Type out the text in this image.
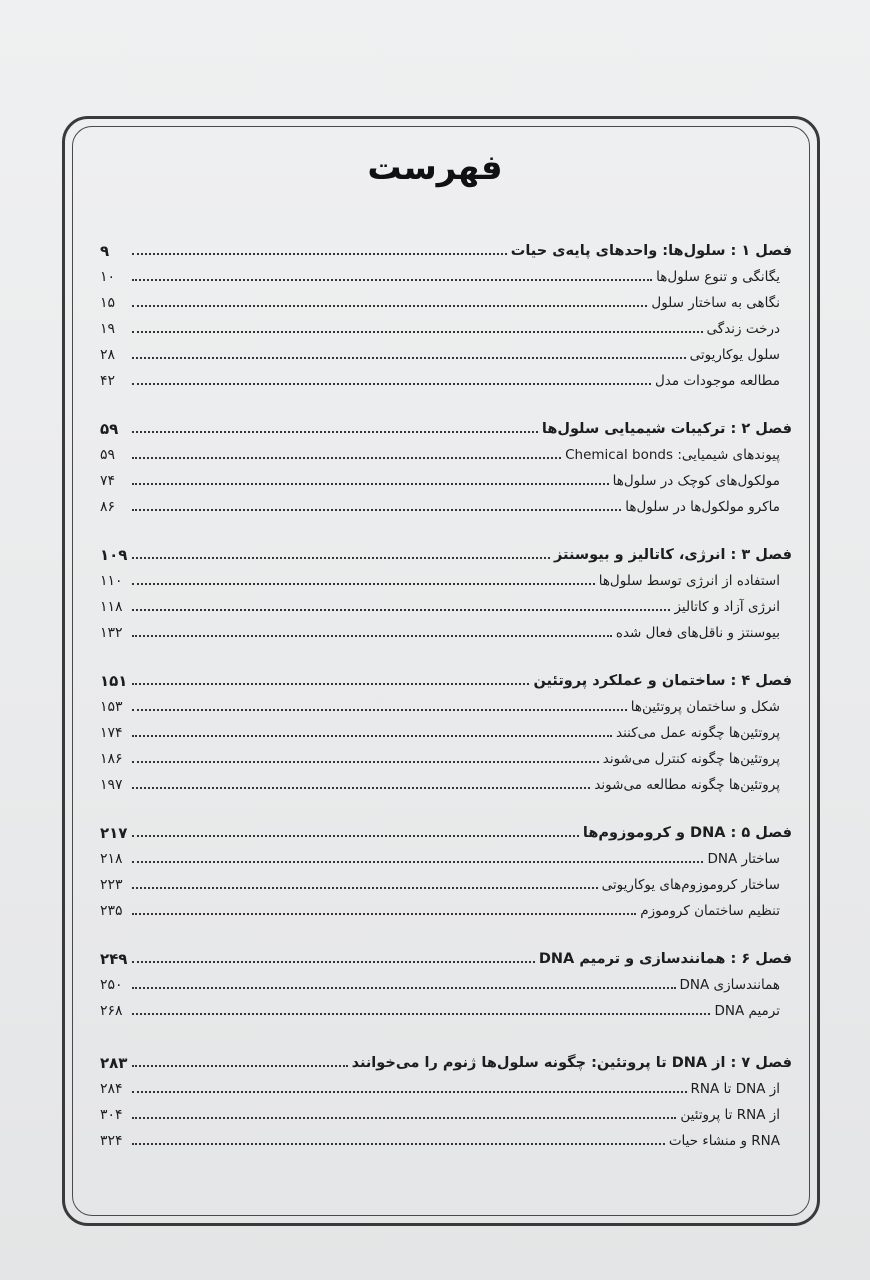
فهرست
فصل ۱ : سلول‌ها: واحدهای پایه‌ی حیات
۹
یگانگی و تنوع سلول‌ها
۱۰
نگاهی به ساختار سلول
۱۵
درخت زندگی
۱۹
سلول یوکاریوتی
۲۸
مطالعه موجودات مدل
۴۲
فصل ۲ : ترکیبات شیمیایی سلول‌ها
۵۹
پیوندهای شیمیایی: Chemical bonds
۵۹
مولکول‌های کوچک در سلول‌ها
۷۴
ماکرو مولکول‌ها در سلول‌ها
۸۶
فصل ۳ : انرژی، کاتالیز و بیوسنتز
۱۰۹
استفاده از انرژی توسط سلول‌ها
۱۱۰
انرژی آزاد و کاتالیز
۱۱۸
بیوسنتز و ناقل‌های فعال شده
۱۳۲
فصل ۴ : ساختمان و عملکرد پروتئین
۱۵۱
شکل و ساختمان پروتئین‌ها
۱۵۳
پروتئین‌ها چگونه عمل می‌کنند
۱۷۴
پروتئین‌ها چگونه کنترل می‌شوند
۱۸۶
پروتئین‌ها چگونه مطالعه می‌شوند
۱۹۷
فصل ۵ : DNA و کروموزوم‌ها
۲۱۷
ساختار DNA
۲۱۸
ساختار کروموزوم‌های یوکاریوتی
۲۲۳
تنظیم ساختمان کروموزم
۲۳۵
فصل ۶ : همانندسازی و ترمیم DNA
۲۴۹
همانندسازی DNA
۲۵۰
ترمیم DNA
۲۶۸
فصل ۷ : از DNA تا پروتئین: چگونه سلول‌ها ژنوم را می‌خوانند
۲۸۳
از DNA تا RNA
۲۸۴
از RNA تا پروتئین
۳۰۴
RNA و منشاء حیات
۳۲۴
